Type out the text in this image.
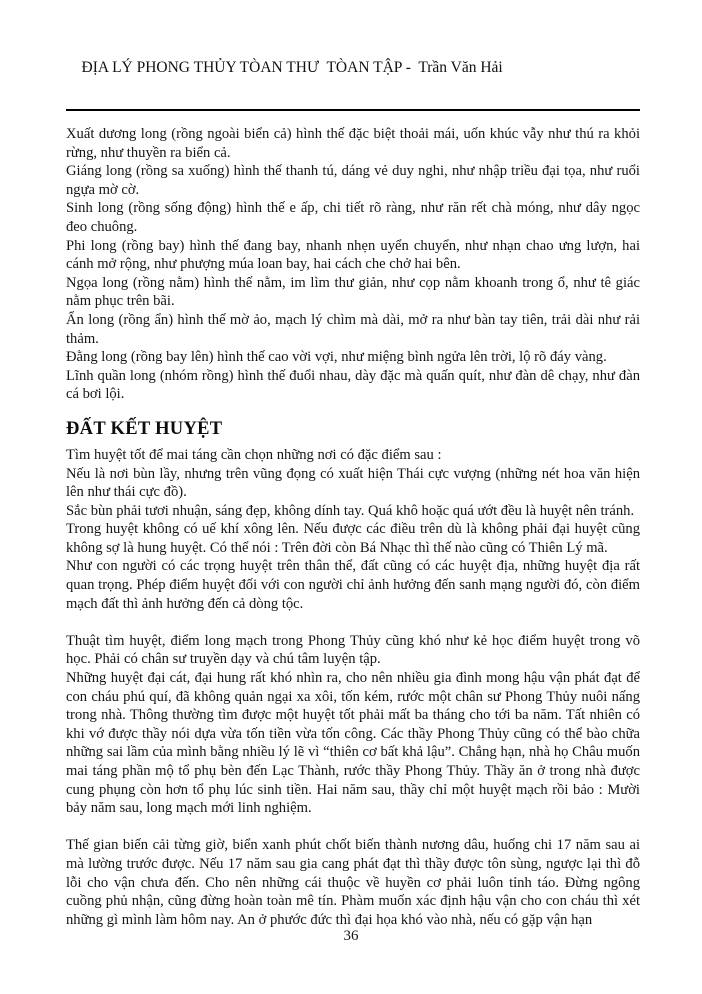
ĐỊA LÝ PHONG THỦY TÒAN THƯ  TÒAN TẬP -  Trần Văn Hải

Xuất dương long (rồng ngoài biển cả) hình thế đặc biệt thoải mái, uốn khúc vẫy như thú ra khỏi rừng, như thuyền ra biển cả.

Giáng long (rồng sa xuống) hình thế thanh tú, dáng vẻ duy nghi, như nhập triều đại tọa, như ruổi ngựa mờ cờ.

Sinh long (rồng sống động) hình thế e ấp, chi tiết rõ ràng, như răn rết chà móng, như dây ngọc đeo chuông.

Phi long (rồng bay) hình thế đang bay, nhanh nhẹn uyển chuyển, như nhạn chao ưng lượn, hai cánh mở rộng, như phượng múa loan bay, hai cách che chở hai bên.

Ngọa long (rồng nằm) hình thế nằm, im lìm thư giản, như cọp nằm khoanh trong ổ, như tê giác nằm phục trên bãi.

Ẩn long (rồng ẩn) hình thế mờ ảo, mạch lý chìm mà dài, mở ra như bàn tay tiên, trải dài như rải thảm.

Đằng long (rồng bay lên) hình thế cao vời vợi, như miệng bình ngửa lên trời, lộ rõ đáy vàng.

Lĩnh quần long (nhóm rồng) hình thế đuổi nhau, dày đặc mà quấn quít, như đàn dê chạy, như đàn cá bơi lội.

ĐẤT KẾT HUYỆT

Tìm huyệt tốt để mai táng cần chọn những nơi có đặc điểm sau :

Nếu là nơi bùn lầy, nhưng trên vũng đọng có xuất hiện Thái cực vượng (những nét hoa văn hiện lên như thái cực đồ).

Sắc bùn phải tươi nhuận, sáng đẹp, không dính tay. Quá khô hoặc quá ướt đều là huyệt nên tránh.

Trong huyệt không có uế khí xông lên. Nếu được các điều trên dù là không phải đại huyệt cũng không sợ là hung huyệt. Có thể nói : Trên đời còn Bá Nhạc thì thế nào cũng có Thiên Lý mã.

Như con người có các trọng huyệt trên thân thể, đất cũng có các huyệt địa, những huyệt địa rất quan trọng. Phép điểm huyệt đối với con người chỉ ảnh hưởng đến sanh mạng người đó, còn điểm mạch đất thì ảnh hưởng đến cả dòng tộc.

Thuật tìm huyệt, điểm long mạch trong Phong Thủy cũng khó như kẻ học điểm huyệt trong võ học. Phải có chân sư truyền dạy và chú tâm luyện tập.

Những huyệt đại cát, đại hung rất khó nhìn ra, cho nên nhiều gia đình mong hậu vận phát đạt để con cháu phú quí, đã không quản ngại xa xôi, tốn kém, rước một chân sư Phong Thủy nuôi nấng trong nhà. Thông thường tìm được một huyệt tốt phải mất ba tháng cho tới ba năm. Tất nhiên có khi vớ được thầy nói dựa vừa tốn tiền vừa tốn công. Các thầy Phong Thủy cũng có thể bào chữa những sai lầm của mình bằng nhiều lý lẽ vì “thiên cơ bất khả lậu”. Chẳng hạn, nhà họ Châu muốn mai táng phần mộ tổ phụ bèn đến Lạc Thành, rước thầy Phong Thủy. Thầy ăn ở trong nhà được cung phụng còn hơn tổ phụ lúc sinh tiền. Hai năm sau, thầy chỉ một huyệt mạch rồi bảo : Mười bảy năm sau, long mạch mới linh nghiệm.

Thế gian biến cải từng giờ, biển xanh phút chốt biến thành nương dâu, huống chi 17 năm sau ai mà lường trước được. Nếu 17 năm sau gia cang phát đạt thì thầy được tôn sùng, ngược lại thì đỗ lỗi cho vận chưa đến. Cho nên những cái thuộc về huyền cơ phải luôn tỉnh táo. Đừng ngông cuồng phủ nhận, cũng đừng hoàn toàn mê tín. Phàm muốn xác định hậu vận cho con cháu thì xét những gì mình làm hôm nay. An ở phước đức thì đại họa khó vào nhà, nếu có gặp vận hạn

36
